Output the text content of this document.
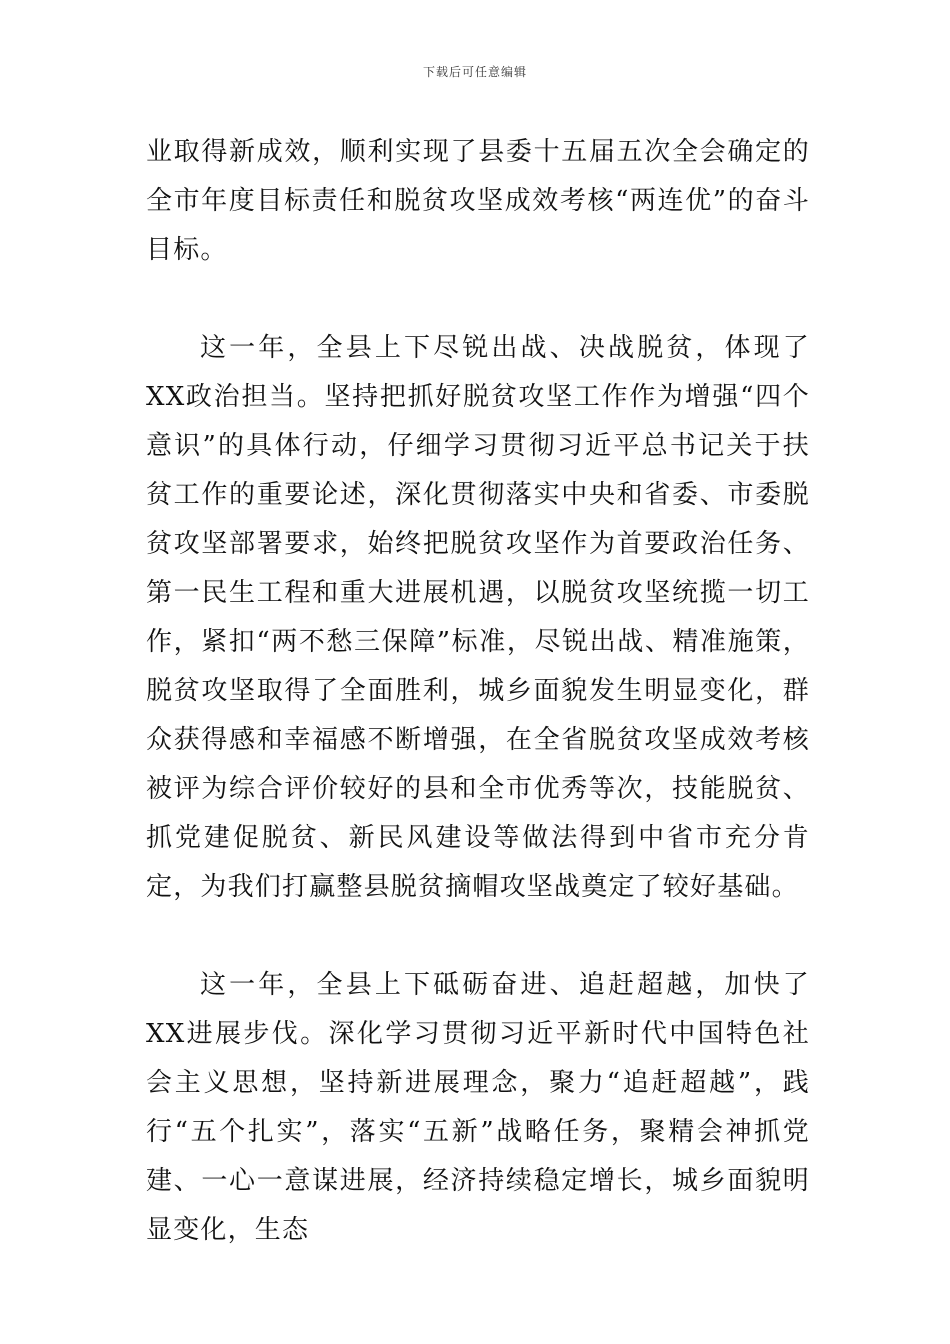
下载后可任意编辑

业取得新成效，顺利实现了县委十五届五次全会确定的全市年度目标责任和脱贫攻坚成效考核“两连优”的奋斗目标。

这一年，全县上下尽锐出战、决战脱贫，体现了XX政治担当。坚持把抓好脱贫攻坚工作作为增强“四个意识”的具体行动，仔细学习贯彻习近平总书记关于扶贫工作的重要论述，深化贯彻落实中央和省委、市委脱贫攻坚部署要求，始终把脱贫攻坚作为首要政治任务、第一民生工程和重大进展机遇，以脱贫攻坚统揽一切工作，紧扣“两不愁三保障”标准，尽锐出战、精准施策，脱贫攻坚取得了全面胜利，城乡面貌发生明显变化，群众获得感和幸福感不断增强，在全省脱贫攻坚成效考核被评为综合评价较好的县和全市优秀等次，技能脱贫、抓党建促脱贫、新民风建设等做法得到中省市充分肯定，为我们打赢整县脱贫摘帽攻坚战奠定了较好基础。

这一年，全县上下砥砺奋进、追赶超越，加快了XX进展步伐。深化学习贯彻习近平新时代中国特色社会主义思想，坚持新进展理念，聚力“追赶超越”，践行“五个扎实”，落实“五新”战略任务，聚精会神抓党建、一心一意谋进展，经济持续稳定增长，城乡面貌明显变化，生态
